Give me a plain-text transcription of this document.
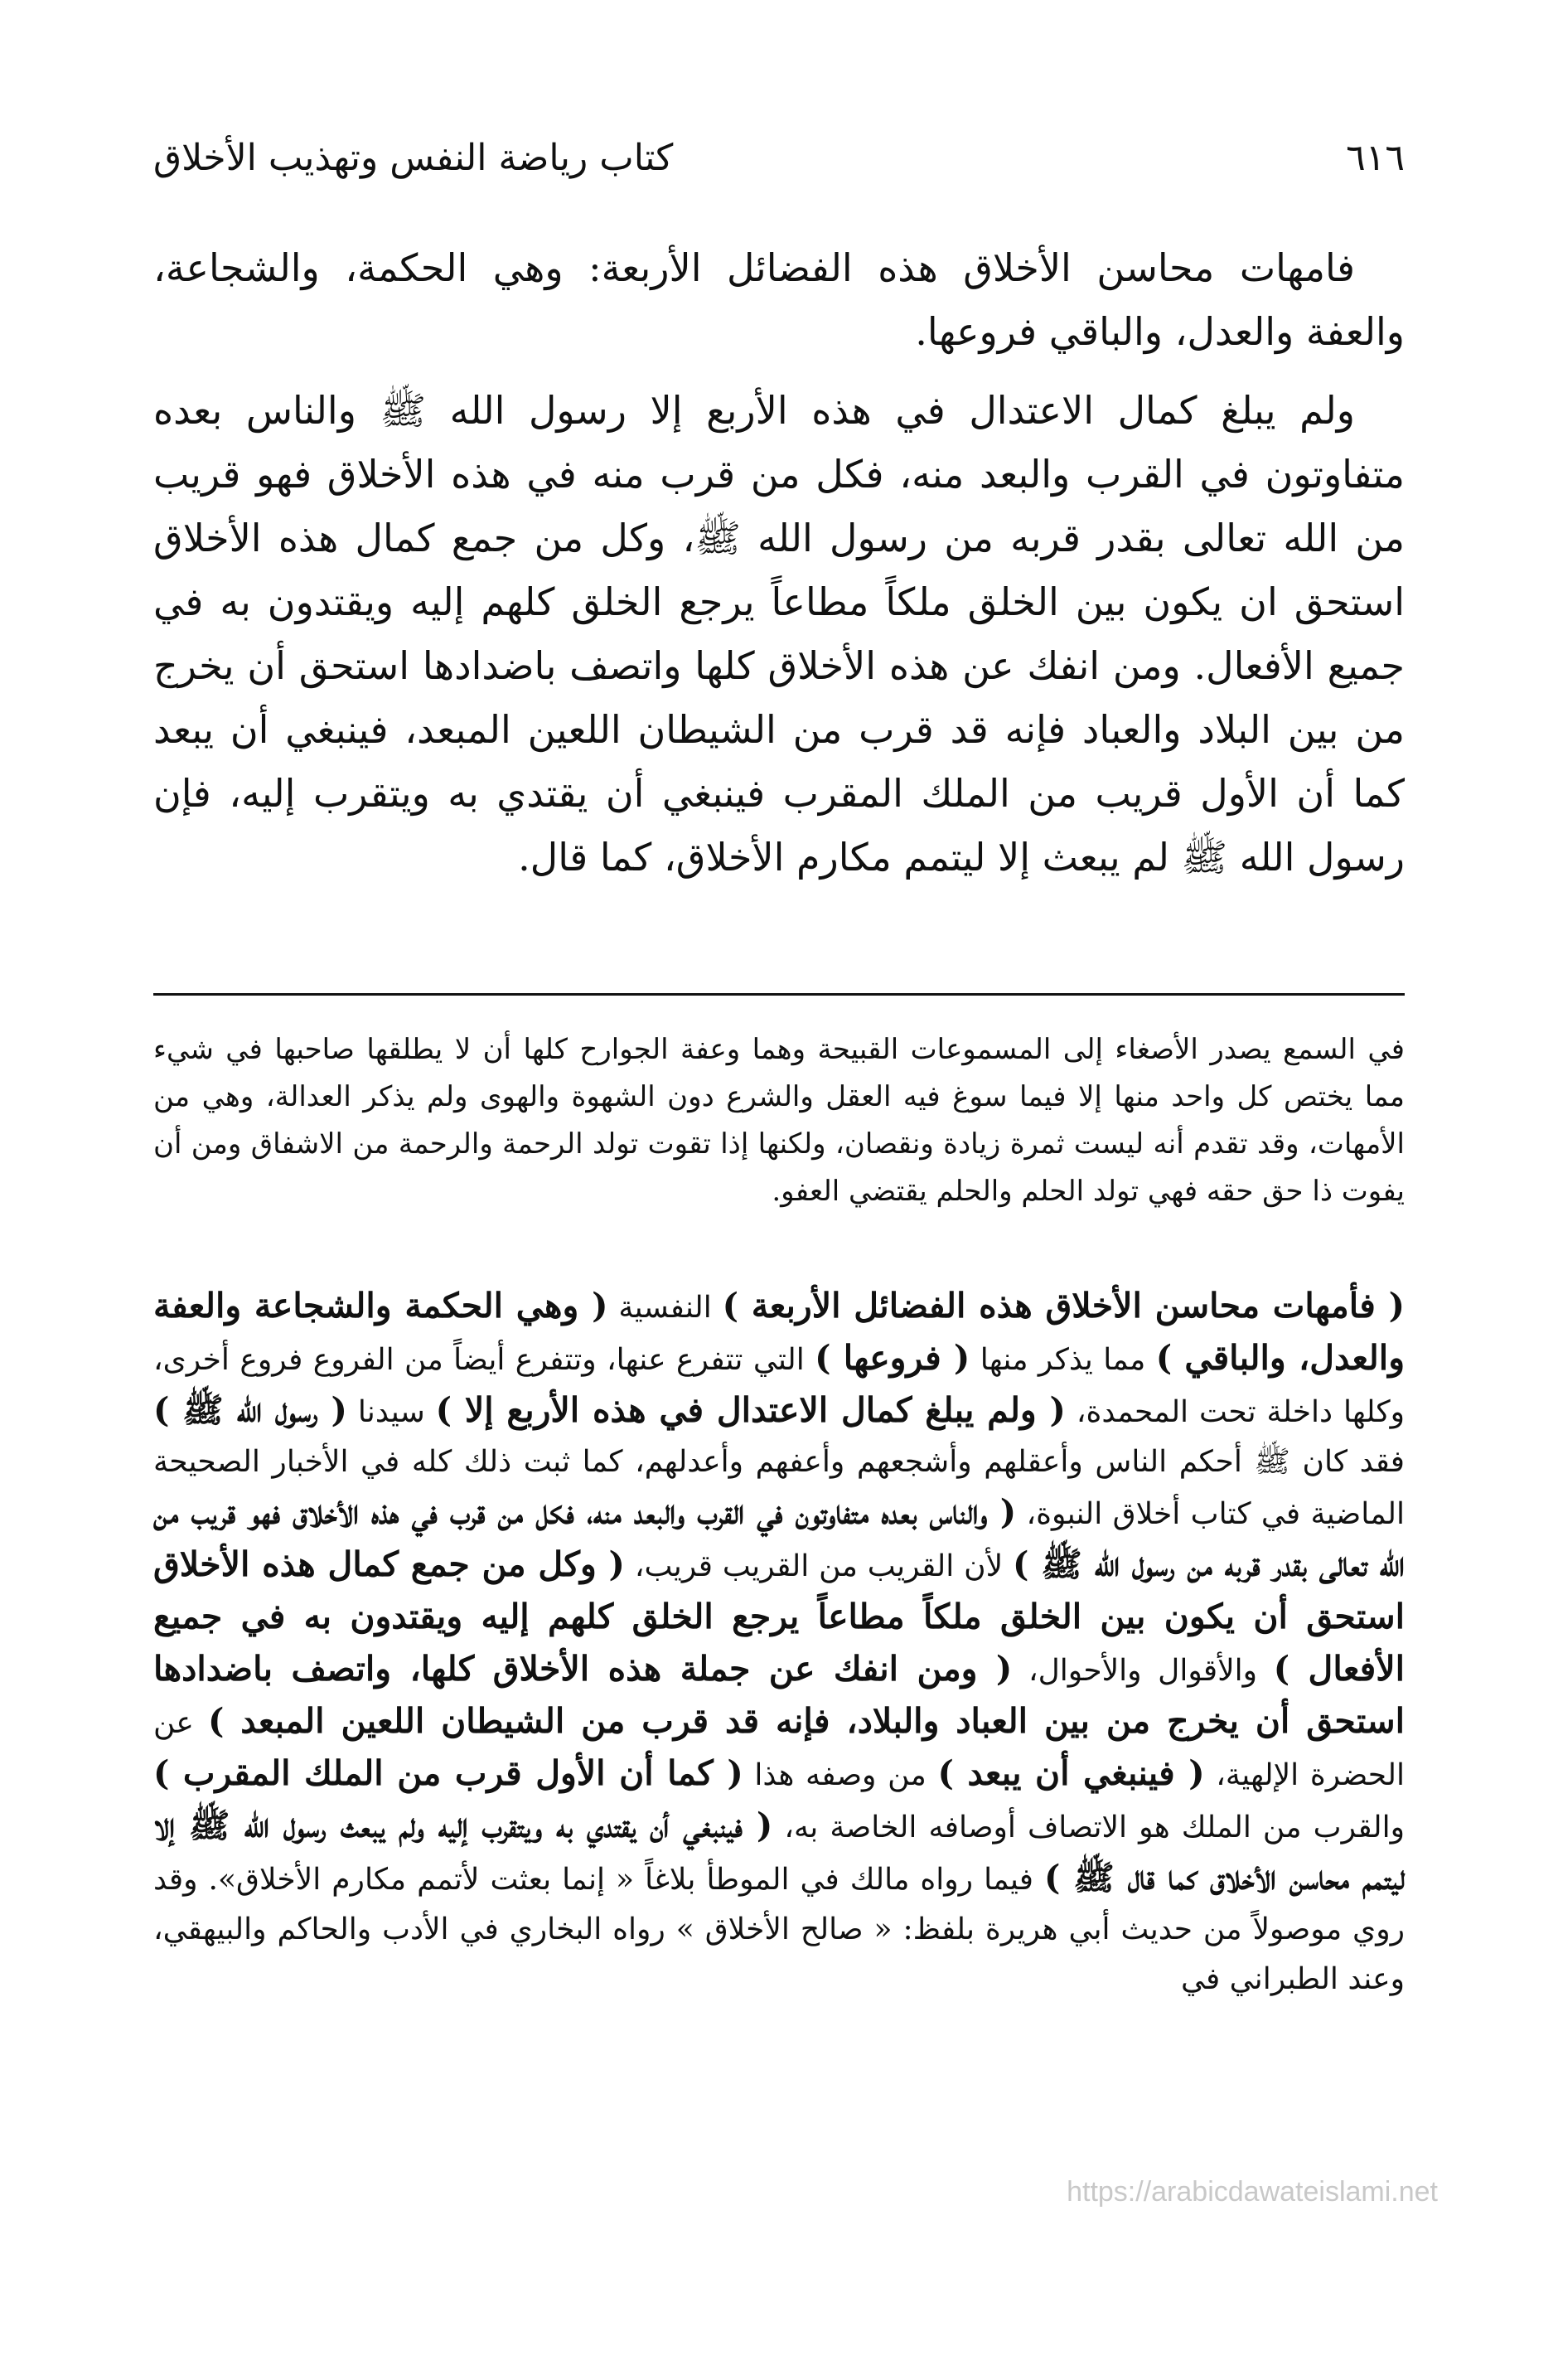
كتاب رياضة النفس وتهذيب الأخلاق	٦١٦

فامهات محاسن الأخلاق هذه الفضائل الأربعة: وهي الحكمة، والشجاعة، والعفة والعدل، والباقي فروعها.

ولم يبلغ كمال الاعتدال في هذه الأربع إلا رسول الله ﷺ والناس بعده متفاوتون في القرب والبعد منه، فكل من قرب منه في هذه الأخلاق فهو قريب من الله تعالى بقدر قربه من رسول الله ﷺ، وكل من جمع كمال هذه الأخلاق استحق ان يكون بين الخلق ملكاً مطاعاً يرجع الخلق كلهم إليه ويقتدون به في جميع الأفعال. ومن انفك عن هذه الأخلاق كلها واتصف باضدادها استحق أن يخرج من بين البلاد والعباد فإنه قد قرب من الشيطان اللعين المبعد، فينبغي أن يبعد كما أن الأول قريب من الملك المقرب فينبغي أن يقتدي به ويتقرب إليه، فإن رسول الله ﷺ لم يبعث إلا ليتمم مكارم الأخلاق، كما قال.

في السمع يصدر الأصغاء إلى المسموعات القبيحة وهما وعفة الجوارح كلها أن لا يطلقها صاحبها في شيء مما يختص كل واحد منها إلا فيما سوغ فيه العقل والشرع دون الشهوة والهوى ولم يذكر العدالة، وهي من الأمهات، وقد تقدم أنه ليست ثمرة زيادة ونقصان، ولكنها إذا تقوت تولد الرحمة والرحمة من الاشفاق ومن أن يفوت ذا حق حقه فهي تولد الحلم والحلم يقتضي العفو.

( فأمهات محاسن الأخلاق هذه الفضائل الأربعة ) النفسية ( وهي الحكمة والشجاعة والعفة والعدل، والباقي ) مما يذكر منها ( فروعها ) التي تتفرع عنها، وتتفرع أيضاً من الفروع فروع أخرى، وكلها داخلة تحت المحمدة، ( ولم يبلغ كمال الاعتدال في هذه الأربع إلا ) سيدنا ( رسول الله ﷺ ) فقد كان ﷺ أحكم الناس وأعقلهم وأشجعهم وأعفهم وأعدلهم، كما ثبت ذلك كله في الأخبار الصحيحة الماضية في كتاب أخلاق النبوة، ( والناس بعده متفاوتون في القرب والبعد منه، فكل من قرب في هذه الأخلاق فهو قريب من الله تعالى بقدر قربه من رسول الله ﷺ ) لأن القريب من القريب قريب، ( وكل من جمع كمال هذه الأخلاق استحق أن يكون بين الخلق ملكاً مطاعاً يرجع الخلق كلهم إليه ويقتدون به في جميع الأفعال ) والأقوال والأحوال، ( ومن انفك عن جملة هذه الأخلاق كلها، واتصف باضدادها استحق أن يخرج من بين العباد والبلاد، فإنه قد قرب من الشيطان اللعين المبعد ) عن الحضرة الإلهية، ( فينبغي أن يبعد ) من وصفه هذا ( كما أن الأول قرب من الملك المقرب ) والقرب من الملك هو الاتصاف أوصافه الخاصة به، ( فينبغي أن يقتدي به ويتقرب إليه ولم يبعث رسول الله ﷺ إلا ليتمم محاسن الأخلاق كما قال ﷺ ) فيما رواه مالك في الموطأ بلاغاً « إنما بعثت لأتمم مكارم الأخلاق». وقد روي موصولاً من حديث أبي هريرة بلفظ: « صالح الأخلاق » رواه البخاري في الأدب والحاكم والبيهقي، وعند الطبراني في

https://arabicdawateislami.net
